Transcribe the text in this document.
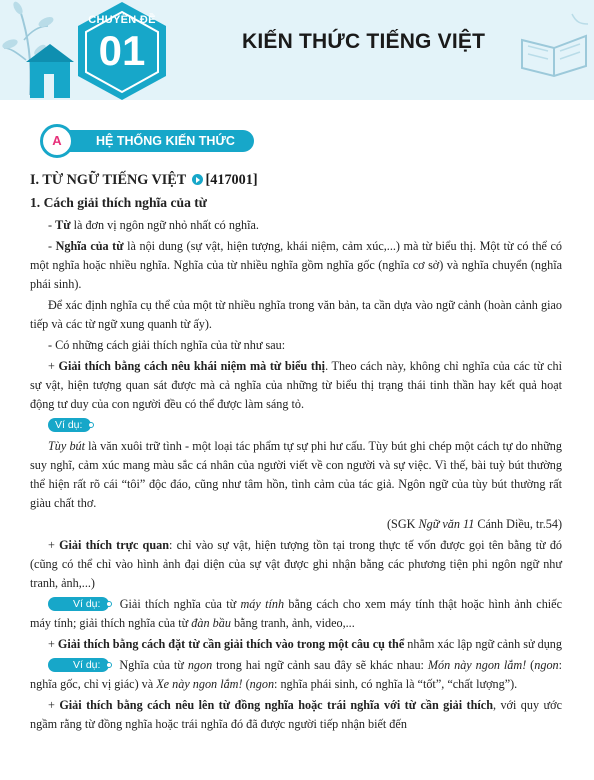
CHUYÊN ĐỀ
01	KIẾN THỨC TIẾNG VIỆT
A	HỆ THỐNG KIẾN THỨC
I. TỪ NGỮ TIẾNG VIỆT [417001]
1. Cách giải thích nghĩa của từ

- Từ là đơn vị ngôn ngữ nhỏ nhất có nghĩa.

- Nghĩa của từ là nội dung (sự vật, hiện tượng, khái niệm, cảm xúc,...) mà từ biểu thị. Một từ có thể có một nghĩa hoặc nhiều nghĩa. Nghĩa của từ nhiều nghĩa gồm nghĩa gốc (nghĩa cơ sở) và nghĩa chuyển (nghĩa phái sinh).

Để xác định nghĩa cụ thể của một từ nhiều nghĩa trong văn bản, ta cần dựa vào ngữ cảnh (hoàn cảnh giao tiếp và các từ ngữ xung quanh từ ấy).

- Có những cách giải thích nghĩa của từ như sau:

+ Giải thích bằng cách nêu khái niệm mà từ biểu thị. Theo cách này, không chỉ nghĩa của các từ chỉ sự vật, hiện tượng quan sát được mà cả nghĩa của những từ biểu thị trạng thái tinh thần hay kết quả hoạt động tư duy của con người đều có thể được làm sáng tỏ.

Ví dụ:

Tùy bút là văn xuôi trữ tình - một loại tác phẩm tự sự phi hư cấu. Tùy bút ghi chép một cách tự do những suy nghĩ, cảm xúc mang màu sắc cá nhân của người viết về con người và sự việc. Vì thế, bài tuỳ bút thường thể hiện rất rõ cái “tôi” độc đáo, cũng như tâm hồn, tình cảm của tác giả. Ngôn ngữ của tùy bút thường rất giàu chất thơ.

(SGK Ngữ văn 11 Cánh Diều, tr.54)

+ Giải thích trực quan: chỉ vào sự vật, hiện tượng tồn tại trong thực tế vốn được gọi tên bằng từ đó (cũng có thể chỉ vào hình ảnh đại diện của sự vật được ghi nhận bằng các phương tiện phi ngôn ngữ như tranh, ảnh,...)

Ví dụ: Giải thích nghĩa của từ máy tính bằng cách cho xem máy tính thật hoặc hình ảnh chiếc máy tính; giải thích nghĩa của từ đàn bầu bằng tranh, ảnh, video,...

+ Giải thích bằng cách đặt từ cần giải thích vào trong một câu cụ thể nhằm xác lập ngữ cảnh sử dụng

Ví dụ: Nghĩa của từ ngon trong hai ngữ cảnh sau đây sẽ khác nhau: Món này ngon lắm! (ngon: nghĩa gốc, chỉ vị giác) và Xe này ngon lắm! (ngon: nghĩa phái sinh, có nghĩa là “tốt”, “chất lượng”).

+ Giải thích bằng cách nêu lên từ đồng nghĩa hoặc trái nghĩa với từ cần giải thích, với quy ước ngầm rằng từ đồng nghĩa hoặc trái nghĩa đó đã được người tiếp nhận biết đến
